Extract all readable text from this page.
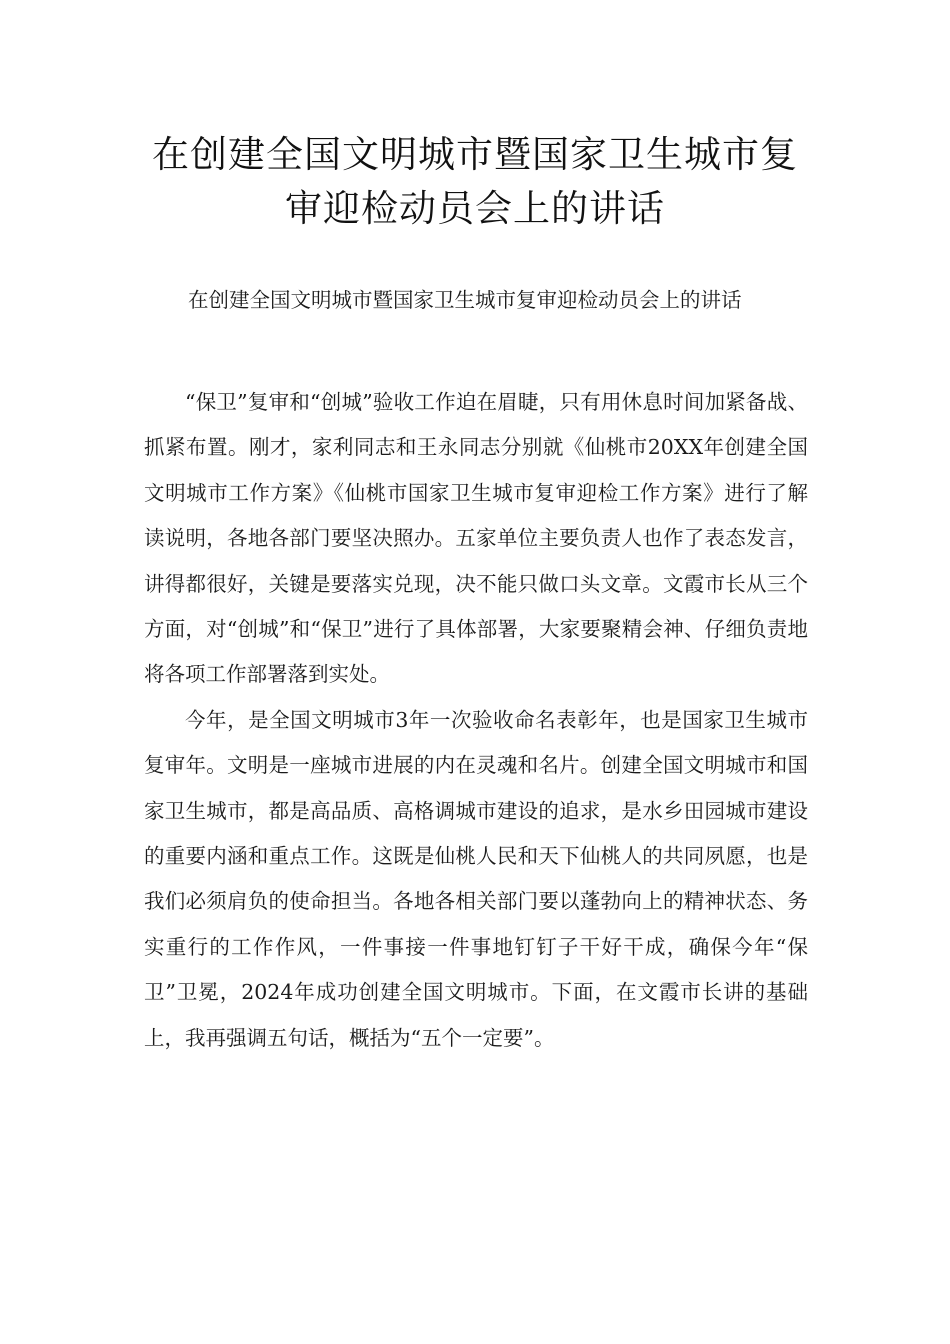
在创建全国文明城市暨国家卫生城市复审迎检动员会上的讲话

在创建全国文明城市暨国家卫生城市复审迎检动员会上的讲话

“保卫”复审和“创城”验收工作迫在眉睫，只有用休息时间加紧备战、抓紧布置。刚才，家利同志和王永同志分别就《仙桃市20XX年创建全国文明城市工作方案》《仙桃市国家卫生城市复审迎检工作方案》进行了解读说明，各地各部门要坚决照办。五家单位主要负责人也作了表态发言，讲得都很好，关键是要落实兑现，决不能只做口头文章。文霞市长从三个方面，对“创城”和“保卫”进行了具体部署，大家要聚精会神、仔细负责地将各项工作部署落到实处。

今年，是全国文明城市3年一次验收命名表彰年，也是国家卫生城市复审年。文明是一座城市进展的内在灵魂和名片。创建全国文明城市和国家卫生城市，都是高品质、高格调城市建设的追求，是水乡田园城市建设的重要内涵和重点工作。这既是仙桃人民和天下仙桃人的共同夙愿，也是我们必须肩负的使命担当。各地各相关部门要以蓬勃向上的精神状态、务实重行的工作作风，一件事接一件事地钉钉子干好干成，确保今年“保卫”卫冕，2024年成功创建全国文明城市。下面，在文霞市长讲的基础上，我再强调五句话，概括为“五个一定要”。
